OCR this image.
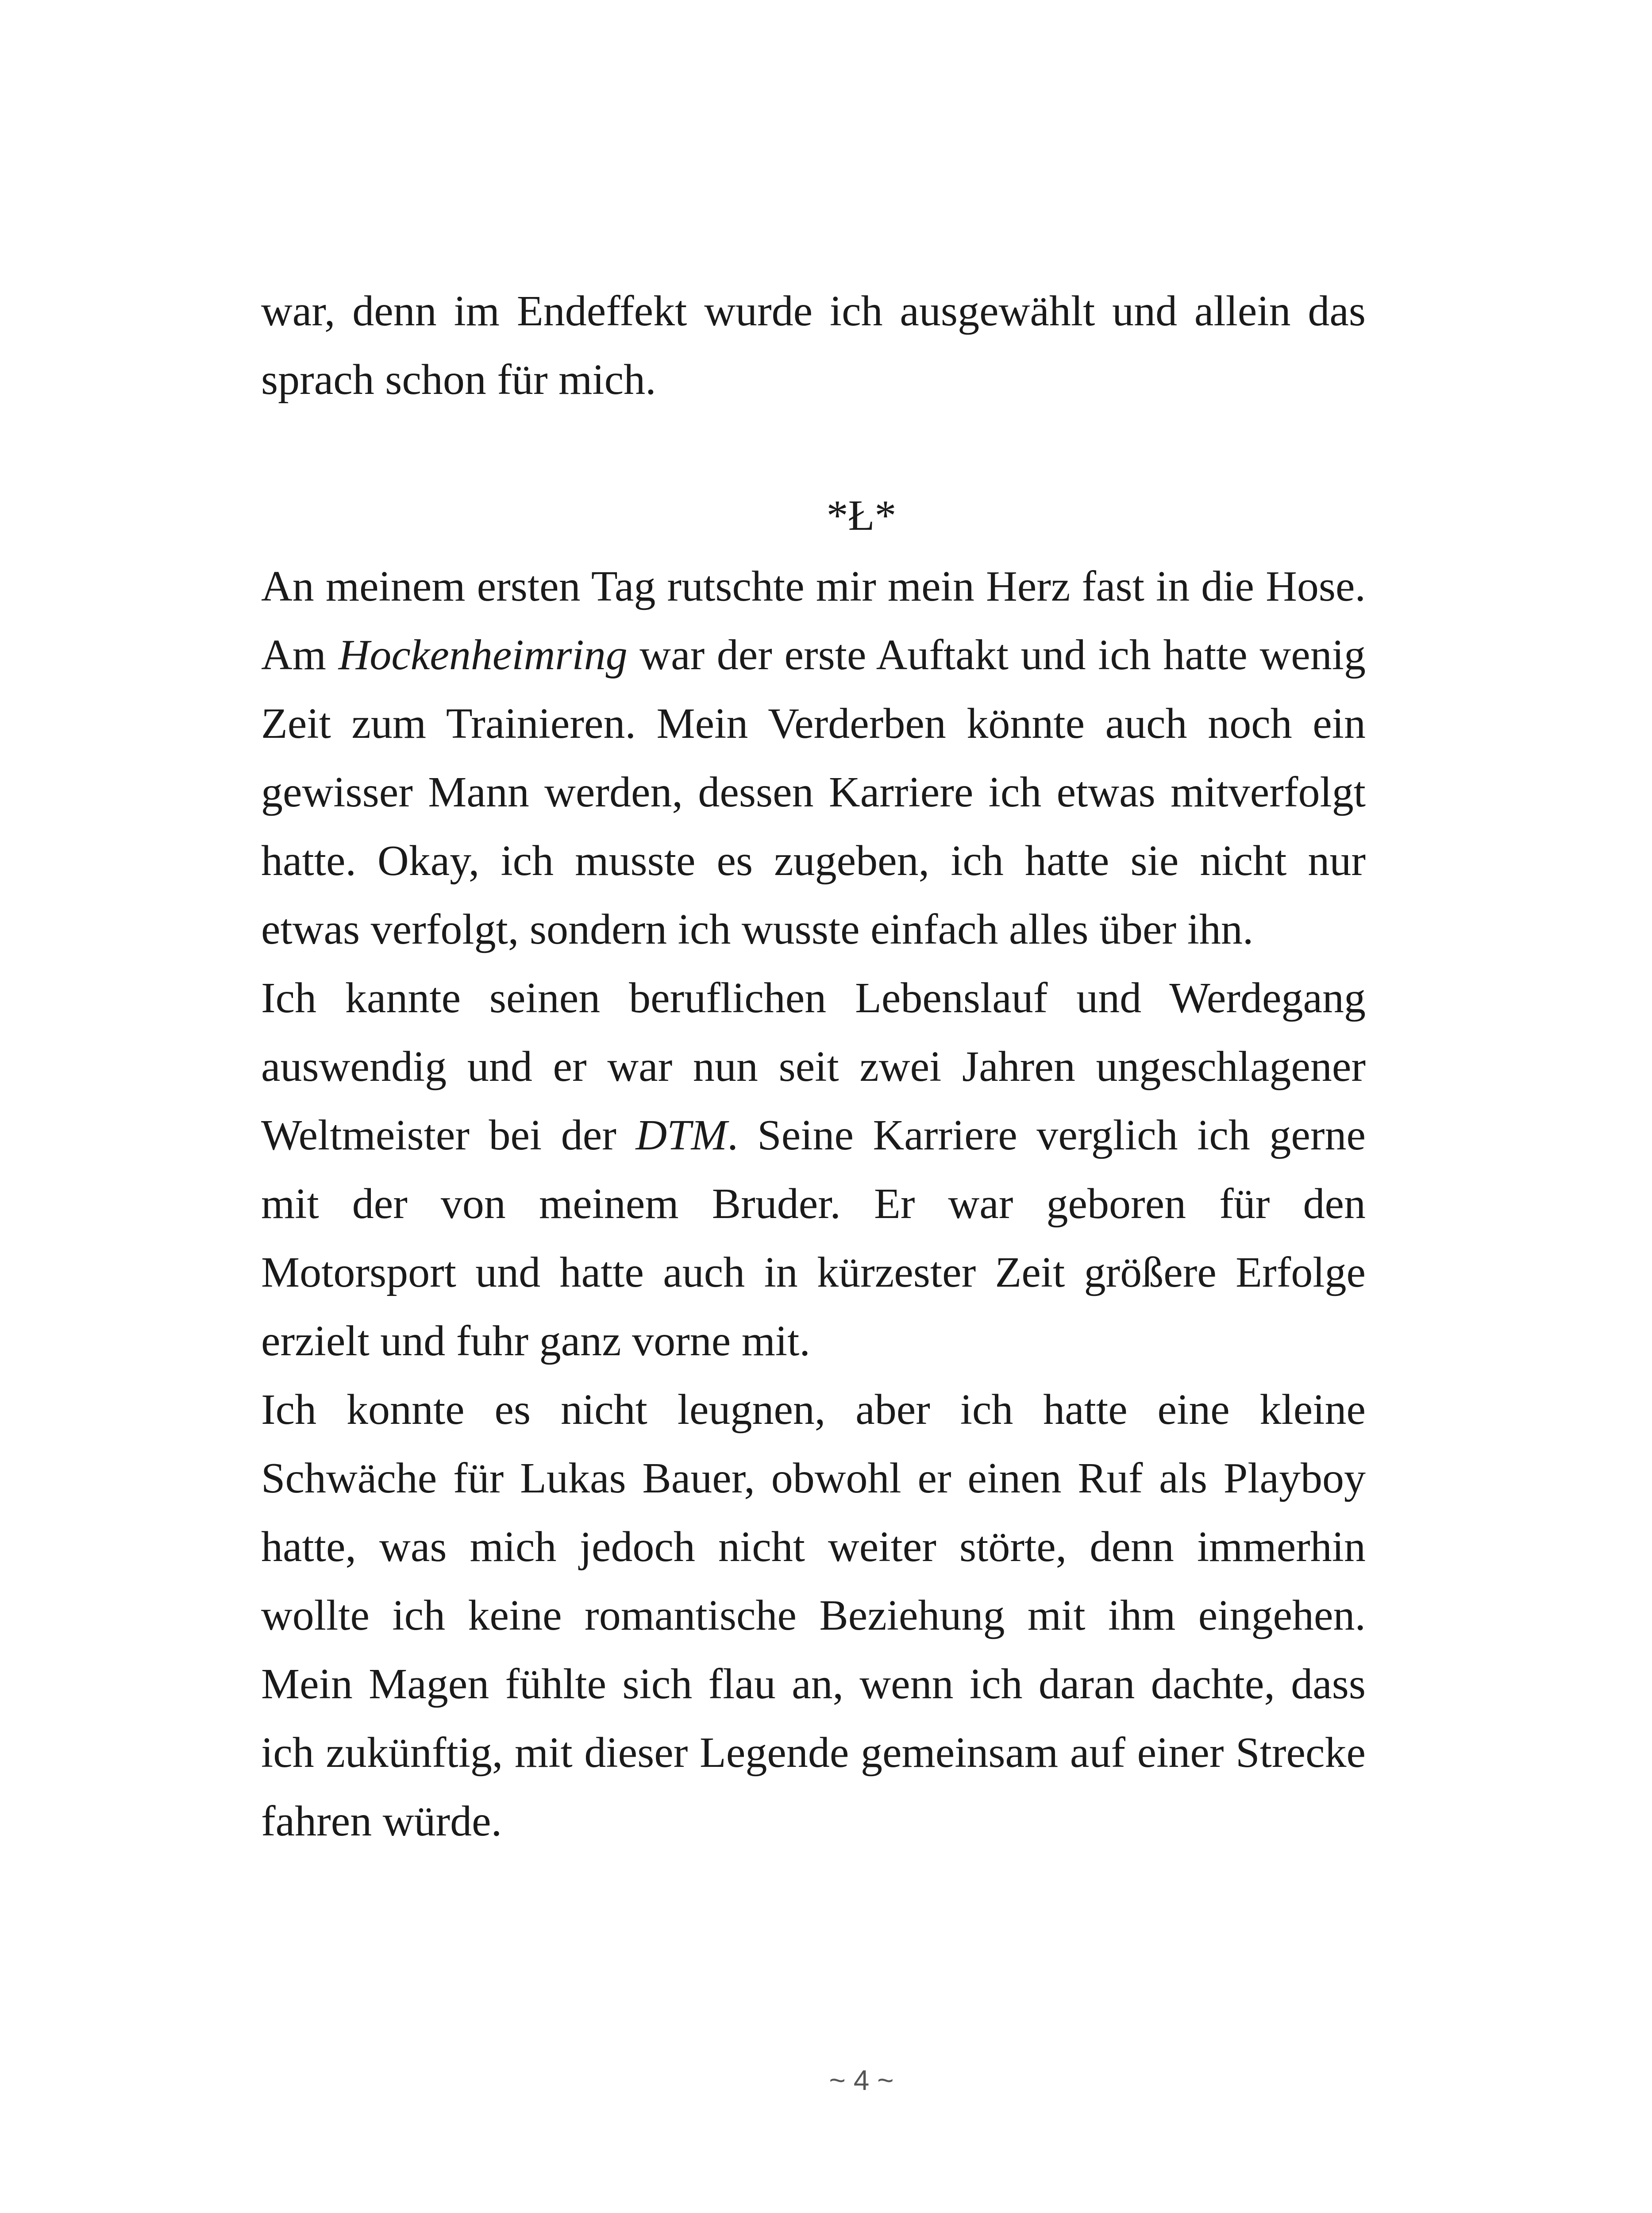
war, denn im Endeffekt wurde ich ausgewählt und allein das sprach schon für mich.

*Ł*

An meinem ersten Tag rutschte mir mein Herz fast in die Hose. Am Hockenheimring war der erste Auftakt und ich hatte wenig Zeit zum Trainieren. Mein Verderben könnte auch noch ein gewisser Mann werden, dessen Karriere ich etwas mitverfolgt hatte. Okay, ich musste es zugeben, ich hatte sie nicht nur etwas verfolgt, sondern ich wusste einfach alles über ihn.

Ich kannte seinen beruflichen Lebenslauf und Werdegang auswendig und er war nun seit zwei Jahren ungeschlagener Weltmeister bei der DTM. Seine Karriere verglich ich gerne mit der von meinem Bruder. Er war geboren für den Motorsport und hatte auch in kürzester Zeit größere Erfolge erzielt und fuhr ganz vorne mit.

Ich konnte es nicht leugnen, aber ich hatte eine kleine Schwäche für Lukas Bauer, obwohl er einen Ruf als Playboy hatte, was mich jedoch nicht weiter störte, denn immerhin wollte ich keine romantische Beziehung mit ihm eingehen. Mein Magen fühlte sich flau an, wenn ich daran dachte, dass ich zukünftig, mit dieser Legende gemeinsam auf einer Strecke fahren würde.

~ 4 ~
